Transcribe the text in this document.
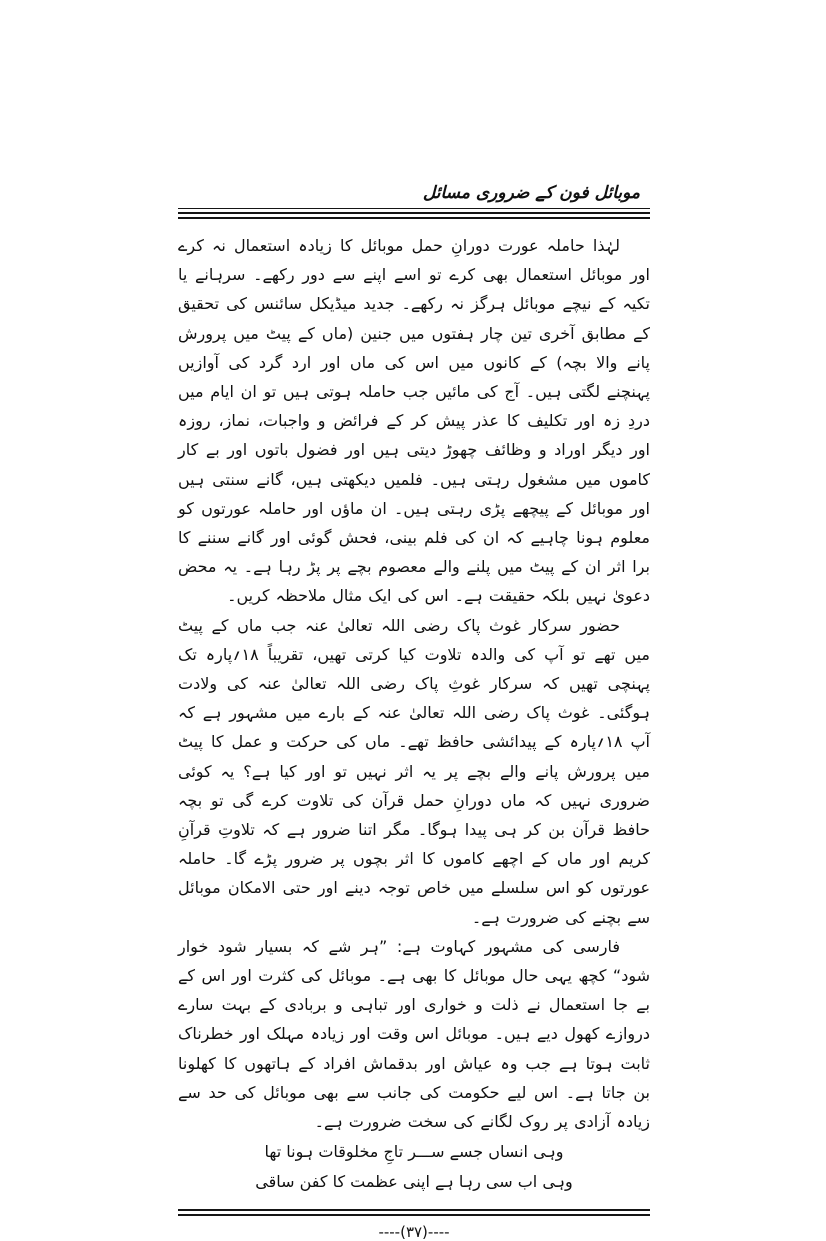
موبائل فون کے ضروری مسائل

لہٰذا حاملہ عورت دورانِ حمل موبائل کا زیادہ استعمال نہ کرے اور موبائل استعمال بھی کرے تو اسے اپنے سے دور رکھے۔ سرہانے یا تکیہ کے نیچے موبائل ہرگز نہ رکھے۔ جدید میڈیکل سائنس کی تحقیق کے مطابق آخری تین چار ہفتوں میں جنین (ماں کے پیٹ میں پرورش پانے والا بچہ) کے کانوں میں اس کی ماں اور ارد گرد کی آوازیں پہنچنے لگتی ہیں۔ آج کی مائیں جب حاملہ ہوتی ہیں تو ان ایام میں دردِ زہ اور تکلیف کا عذر پیش کر کے فرائض و واجبات، نماز، روزہ اور دیگر اوراد و وظائف چھوڑ دیتی ہیں اور فضول باتوں اور بے کار کاموں میں مشغول رہتی ہیں۔ فلمیں دیکھتی ہیں، گانے سنتی ہیں اور موبائل کے پیچھے پڑی رہتی ہیں۔ ان ماؤں اور حاملہ عورتوں کو معلوم ہونا چاہیے کہ ان کی فلم بینی، فحش گوئی اور گانے سننے کا برا اثر ان کے پیٹ میں پلنے والے معصوم بچے پر پڑ رہا ہے۔ یہ محض دعویٰ نہیں بلکہ حقیقت ہے۔ اس کی ایک مثال ملاحظہ کریں۔

حضور سرکار غوث پاک رضی اللہ تعالیٰ عنہ جب ماں کے پیٹ میں تھے تو آپ کی والدہ تلاوت کیا کرتی تھیں، تقریباً ۱۸؍پارہ تک پہنچی تھیں کہ سرکار غوثِ پاک رضی اللہ تعالیٰ عنہ کی ولادت ہوگئی۔ غوث پاک رضی اللہ تعالیٰ عنہ کے بارے میں مشہور ہے کہ آپ ۱۸؍پارہ کے پیدائشی حافظ تھے۔ ماں کی حرکت و عمل کا پیٹ میں پرورش پانے والے بچے پر یہ اثر نہیں تو اور کیا ہے؟ یہ کوئی ضروری نہیں کہ ماں دورانِ حمل قرآن کی تلاوت کرے گی تو بچہ حافظ قرآن بن کر ہی پیدا ہوگا۔ مگر اتنا ضرور ہے کہ تلاوتِ قرآنِ کریم اور ماں کے اچھے کاموں کا اثر بچوں پر ضرور پڑے گا۔ حاملہ عورتوں کو اس سلسلے میں خاص توجہ دینے اور حتی الامکان موبائل سے بچنے کی ضرورت ہے۔

فارسی کی مشہور کہاوت ہے: ”ہر شے کہ بسیار شود خوار شود“ کچھ یہی حال موبائل کا بھی ہے۔ موبائل کی کثرت اور اس کے بے جا استعمال نے ذلت و خواری اور تباہی و بربادی کے بہت سارے دروازے کھول دیے ہیں۔ موبائل اس وقت اور زیادہ مہلک اور خطرناک ثابت ہوتا ہے جب وہ عیاش اور بدقماش افراد کے ہاتھوں کا کھلونا بن جاتا ہے۔ اس لیے حکومت کی جانب سے بھی موبائل کی حد سے زیادہ آزادی پر روک لگانے کی سخت ضرورت ہے۔

وہی انساں جسے ســـر تاجِ مخلوقات ہونا تھا
وہی اب سی رہا ہے اپنی عظمت کا کفن ساقی
----(۳۷)----
